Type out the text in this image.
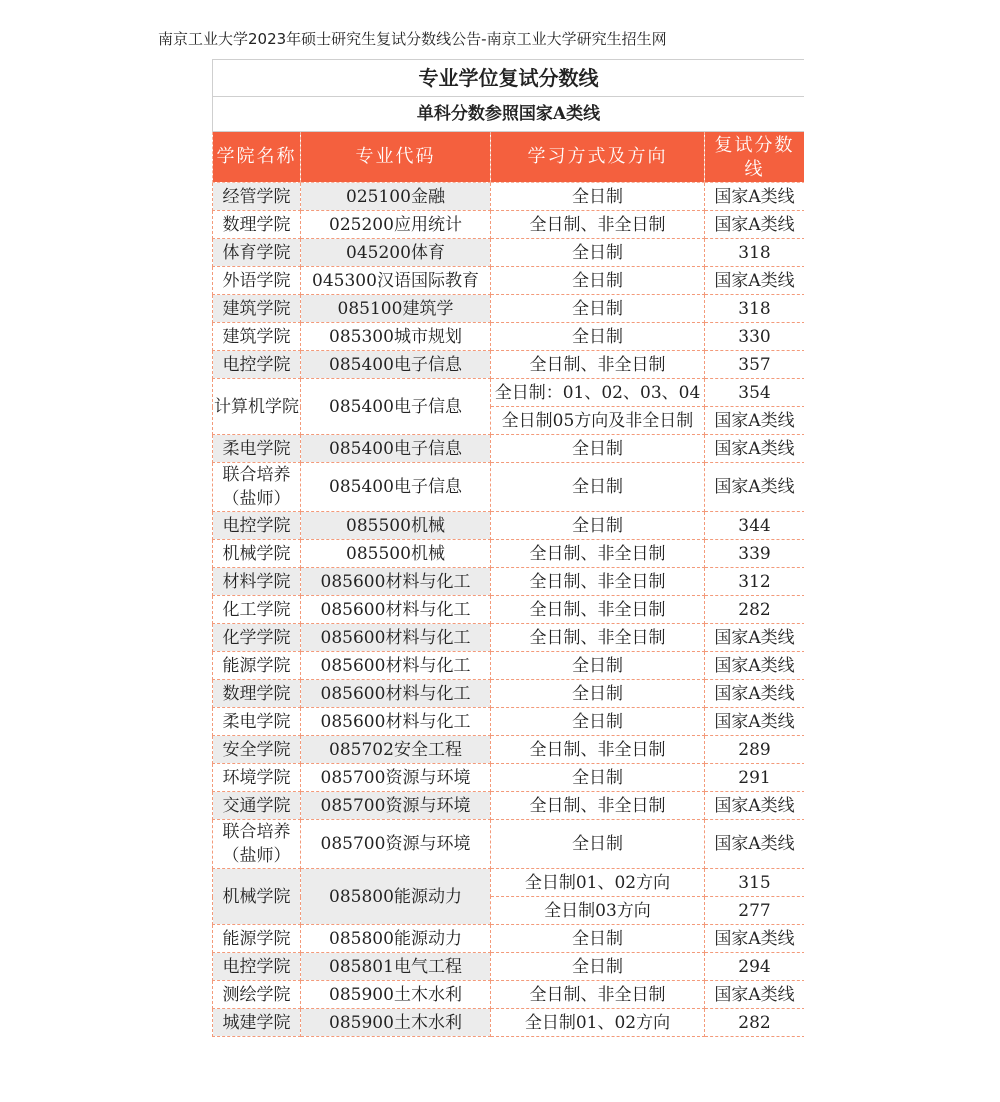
南京工业大学2023年硕士研究生复试分数线公告-南京工业大学研究生招生网
专业学位复试分数线			
单科分数参照国家A类线			
学院名称	专业代码	学习方式及方向	复试分数线
经管学院	025100金融	全日制	国家A类线
数理学院	025200应用统计	全日制、非全日制	国家A类线
体育学院	045200体育	全日制	318
外语学院	045300汉语国际教育	全日制	国家A类线
建筑学院	085100建筑学	全日制	318
建筑学院	085300城市规划	全日制	330
电控学院	085400电子信息	全日制、非全日制	357
计算机学院	085400电子信息	全日制：01、02、03、04	354
		全日制05方向及非全日制	国家A类线
柔电学院	085400电子信息	全日制	国家A类线
联合培养（盐师）	085400电子信息	全日制	国家A类线
电控学院	085500机械	全日制	344
机械学院	085500机械	全日制、非全日制	339
材料学院	085600材料与化工	全日制、非全日制	312
化工学院	085600材料与化工	全日制、非全日制	282
化学学院	085600材料与化工	全日制、非全日制	国家A类线
能源学院	085600材料与化工	全日制	国家A类线
数理学院	085600材料与化工	全日制	国家A类线
柔电学院	085600材料与化工	全日制	国家A类线
安全学院	085702安全工程	全日制、非全日制	289
环境学院	085700资源与环境	全日制	291
交通学院	085700资源与环境	全日制、非全日制	国家A类线
联合培养（盐师）	085700资源与环境	全日制	国家A类线
机械学院	085800能源动力	全日制01、02方向	315
		全日制03方向	277
能源学院	085800能源动力	全日制	国家A类线
电控学院	085801电气工程	全日制	294
测绘学院	085900土木水利	全日制、非全日制	国家A类线
城建学院	085900土木水利	全日制01、02方向	282
